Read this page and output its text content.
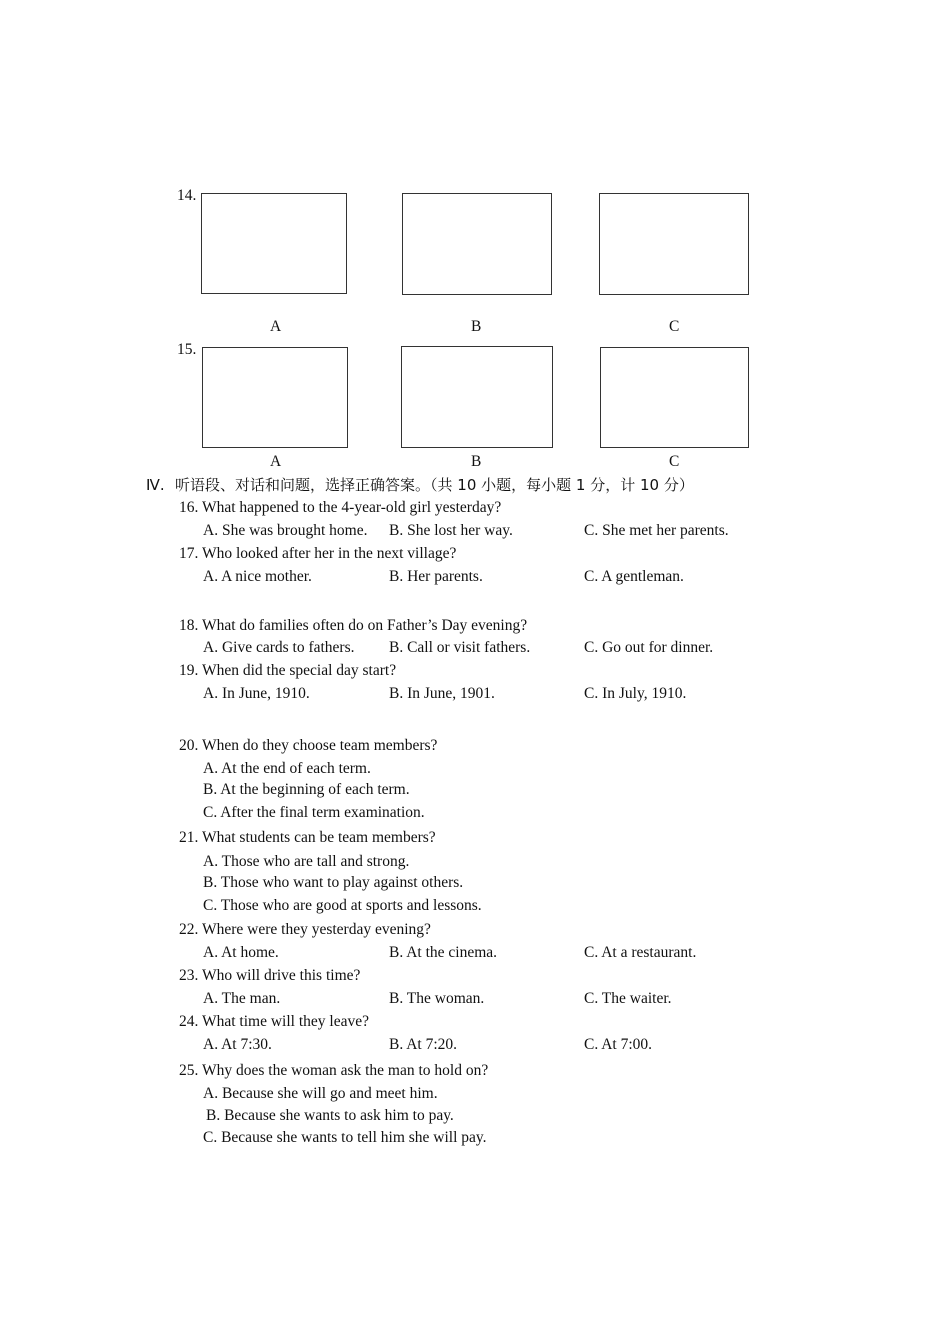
14.
A	B	C
15.
A	B	C
Ⅳ. 听语段、对话和问题，选择正确答案。（共 10 小题，每小题 1 分，计 10 分）
16. What happened to the 4-year-old girl yesterday?
A. She was brought home. B. She lost her way.	C. She met her parents.
17. Who looked after her in the next village?
A. A nice mother.	B. Her parents.	C. A gentleman.
18. What do families often do on Father’s Day evening?
A. Give cards to fathers. B. Call or visit fathers.	C. Go out for dinner.
19. When did the special day start?
A. In June, 1910.	B. In June, 1901.	C. In July, 1910.
20. When do they choose team members?
A. At the end of each term.
B. At the beginning of each term.
C. After the final term examination.
21. What students can be team members?
A. Those who are tall and strong.
B. Those who want to play against others.
C. Those who are good at sports and lessons.
22. Where were they yesterday evening?
A. At home.	B. At the cinema.	C. At a restaurant.
23. Who will drive this time?
A. The man.	B. The woman.	C. The waiter.
24. What time will they leave?
A. At 7:30.	B. At 7:20.	C. At 7:00.
25. Why does the woman ask the man to hold on?
A. Because she will go and meet him.
B. Because she wants to ask him to pay.
C. Because she wants to tell him she will pay.
